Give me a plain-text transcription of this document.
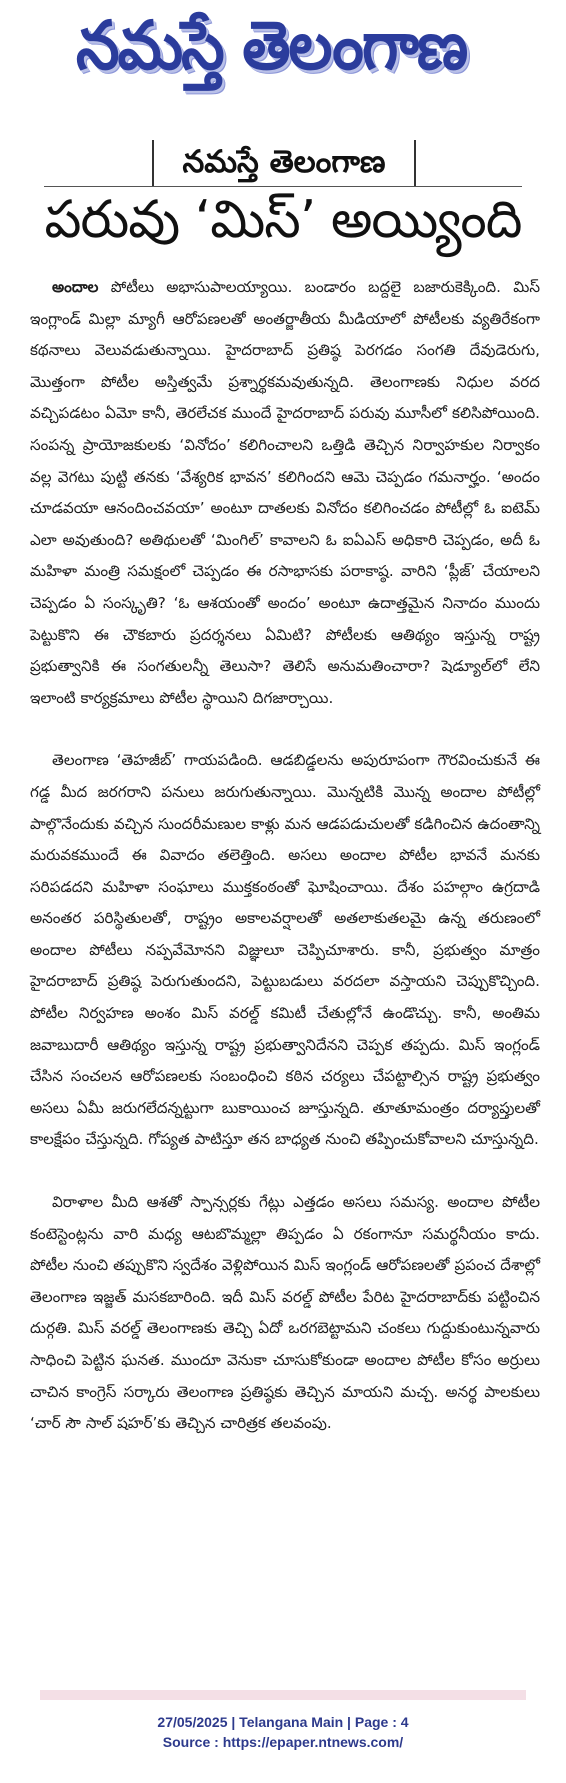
నమస్తే తెలంగాణ
నమస్తే తెలంగాణ
పరువు ‘మిస్’ అయ్యింది

అందాల పోటీలు అభాసుపాలయ్యాయి. బండారం బద్దలై బజారుకెక్కింది. మిస్ ఇంగ్లాండ్ మిల్లా మ్యాగీ ఆరోపణలతో అంతర్జాతీయ మీడియాలో పోటీలకు వ్యతిరేకంగా కథనాలు వెలువడుతున్నాయి. హైదరాబాద్ ప్రతిష్ఠ పెరగడం సంగతి దేవుడెరుగు, మొత్తంగా పోటీల అస్తిత్వమే ప్రశ్నార్థకమవుతున్నది. తెలంగాణకు నిధుల వరద వచ్చిపడటం ఏమో కానీ, తెరలేచక ముందే హైదరాబాద్ పరువు మూసీలో కలిసిపోయింది. సంపన్న ప్రాయోజకులకు ‘వినోదం’ కలిగించాలని ఒత్తిడి తెచ్చిన నిర్వాహకుల నిర్వాకం వల్ల వెగటు పుట్టి తనకు ‘వేశ్యరిక భావన’ కలిగిందని ఆమె చెప్పడం గమనార్హం. ‘అందం చూడవయా ఆనందించవయా’ అంటూ దాతలకు వినోదం కలిగించడం పోటీల్లో ఓ ఐటెమ్ ఎలా అవుతుంది? అతిథులతో ‘మింగిల్’ కావాలని ఓ ఐఏఎస్ అధికారి చెప్పడం, అదీ ఓ మహిళా మంత్రి సమక్షంలో చెప్పడం ఈ రసాభాసకు పరాకాష్ఠ. వారిని ‘ప్లీజ్’ చేయాలని చెప్పడం ఏ సంస్కృతి? ‘ఓ ఆశయంతో అందం’ అంటూ ఉదాత్తమైన నినాదం ముందు పెట్టుకొని ఈ చౌకబారు ప్రదర్శనలు ఏమిటి? పోటీలకు ఆతిథ్యం ఇస్తున్న రాష్ట్ర ప్రభుత్వానికి ఈ సంగతులన్నీ తెలుసా? తెలిసే అనుమతించారా? షెడ్యూల్‌లో లేని ఇలాంటి కార్యక్రమాలు పోటీల స్థాయిని దిగజార్చాయి.

తెలంగాణ ‘తెహజీబ్’ గాయపడింది. ఆడబిడ్డలను అపురూపంగా గౌరవించుకునే ఈ గడ్డ మీద జరగరాని పనులు జరుగుతున్నాయి. మొన్నటికి మొన్న అందాల పోటీల్లో పాల్గొనేందుకు వచ్చిన సుందరీమణుల కాళ్లు మన ఆడపడుచులతో కడిగించిన ఉదంతాన్ని మరువకముందే ఈ వివాదం తలెత్తింది. అసలు అందాల పోటీల భావనే మనకు సరిపడదని మహిళా సంఘాలు ముక్తకంఠంతో ఘోషించాయి. దేశం పహల్గాం ఉగ్రదాడి అనంతర పరిస్థితులతో, రాష్ట్రం అకాలవర్షాలతో అతలాకుతలమై ఉన్న తరుణంలో అందాల పోటీలు నప్పవేమోనని విజ్ఞులూ చెప్పిచూశారు. కానీ, ప్రభుత్వం మాత్రం హైదరాబాద్ ప్రతిష్ఠ పెరుగుతుందని, పెట్టుబడులు వరదలా వస్తాయని చెప్పుకొచ్చింది. పోటీల నిర్వహణ అంశం మిస్ వరల్డ్ కమిటీ చేతుల్లోనే ఉండొచ్చు. కానీ, అంతిమ జవాబుదారీ ఆతిథ్యం ఇస్తున్న రాష్ట్ర ప్రభుత్వానిదేనని చెప్పక తప్పదు. మిస్ ఇంగ్లండ్ చేసిన సంచలన ఆరోపణలకు సంబంధించి కఠిన చర్యలు చేపట్టాల్సిన రాష్ట్ర ప్రభుత్వం అసలు ఏమీ జరుగలేదన్నట్టుగా బుకాయించ జూస్తున్నది. తూతూమంత్రం దర్యాప్తులతో కాలక్షేపం చేస్తున్నది. గోప్యత పాటిస్తూ తన బాధ్యత నుంచి తప్పించుకోవాలని చూస్తున్నది.

విరాళాల మీది ఆశతో స్పాన్సర్లకు గేట్లు ఎత్తడం అసలు సమస్య. అందాల పోటీల కంటెస్టెంట్లను వారి మధ్య ఆటబొమ్మల్లా తిప్పడం ఏ రకంగానూ సమర్థనీయం కాదు. పోటీల నుంచి తప్పుకొని స్వదేశం వెళ్లిపోయిన మిస్ ఇంగ్లండ్ ఆరోపణలతో ప్రపంచ దేశాల్లో తెలంగాణ ఇజ్జత్ మసకబారింది. ఇదీ మిస్ వరల్డ్ పోటీల పేరిట హైదరాబాద్‌కు పట్టించిన దుర్గతి. మిస్ వరల్డ్ తెలంగాణకు తెచ్చి ఏదో ఒరగబెట్టామని చంకలు గుద్దుకుంటున్నవారు సాధించి పెట్టిన ఘనత. ముందూ వెనుకా చూసుకోకుండా అందాల పోటీల కోసం అర్రులు చాచిన కాంగ్రెస్ సర్కారు తెలంగాణ ప్రతిష్ఠకు తెచ్చిన మాయని మచ్చ. అనర్థ పాలకులు ‘చార్ సౌ సాల్ షహర్’కు తెచ్చిన చారిత్రక తలవంపు.

27/05/2025 | Telangana Main | Page : 4
Source : https://epaper.ntnews.com/
